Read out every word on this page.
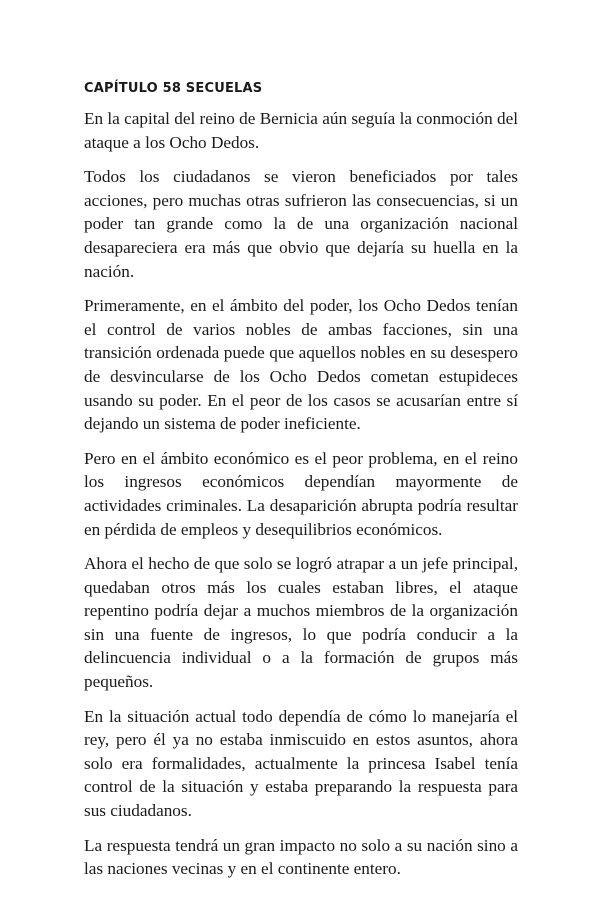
CAPÍTULO 58 SECUELAS

En la capital del reino de Bernicia aún seguía la conmoción del ataque a los Ocho Dedos.

Todos los ciudadanos se vieron beneficiados por tales acciones, pero muchas otras sufrieron las consecuencias, si un poder tan grande como la de una organización nacional desapareciera era más que obvio que dejaría su huella en la nación.

Primeramente, en el ámbito del poder, los Ocho Dedos tenían el control de varios nobles de ambas facciones, sin una transición ordenada puede que aquellos nobles en su desespero de desvincularse de los Ocho Dedos cometan estupideces usando su poder. En el peor de los casos se acusarían entre sí dejando un sistema de poder ineficiente.

Pero en el ámbito económico es el peor problema, en el reino los ingresos económicos dependían mayormente de actividades criminales. La desaparición abrupta podría resultar en pérdida de empleos y desequilibrios económicos.

Ahora el hecho de que solo se logró atrapar a un jefe principal, quedaban otros más los cuales estaban libres, el ataque repentino podría dejar a muchos miembros de la organización sin una fuente de ingresos, lo que podría conducir a la delincuencia individual o a la formación de grupos más pequeños.

En la situación actual todo dependía de cómo lo manejaría el rey, pero él ya no estaba inmiscuido en estos asuntos, ahora solo era formalidades, actualmente la princesa Isabel tenía control de la situación y estaba preparando la respuesta para sus ciudadanos.

La respuesta tendrá un gran impacto no solo a su nación sino a las naciones vecinas y en el continente entero.
